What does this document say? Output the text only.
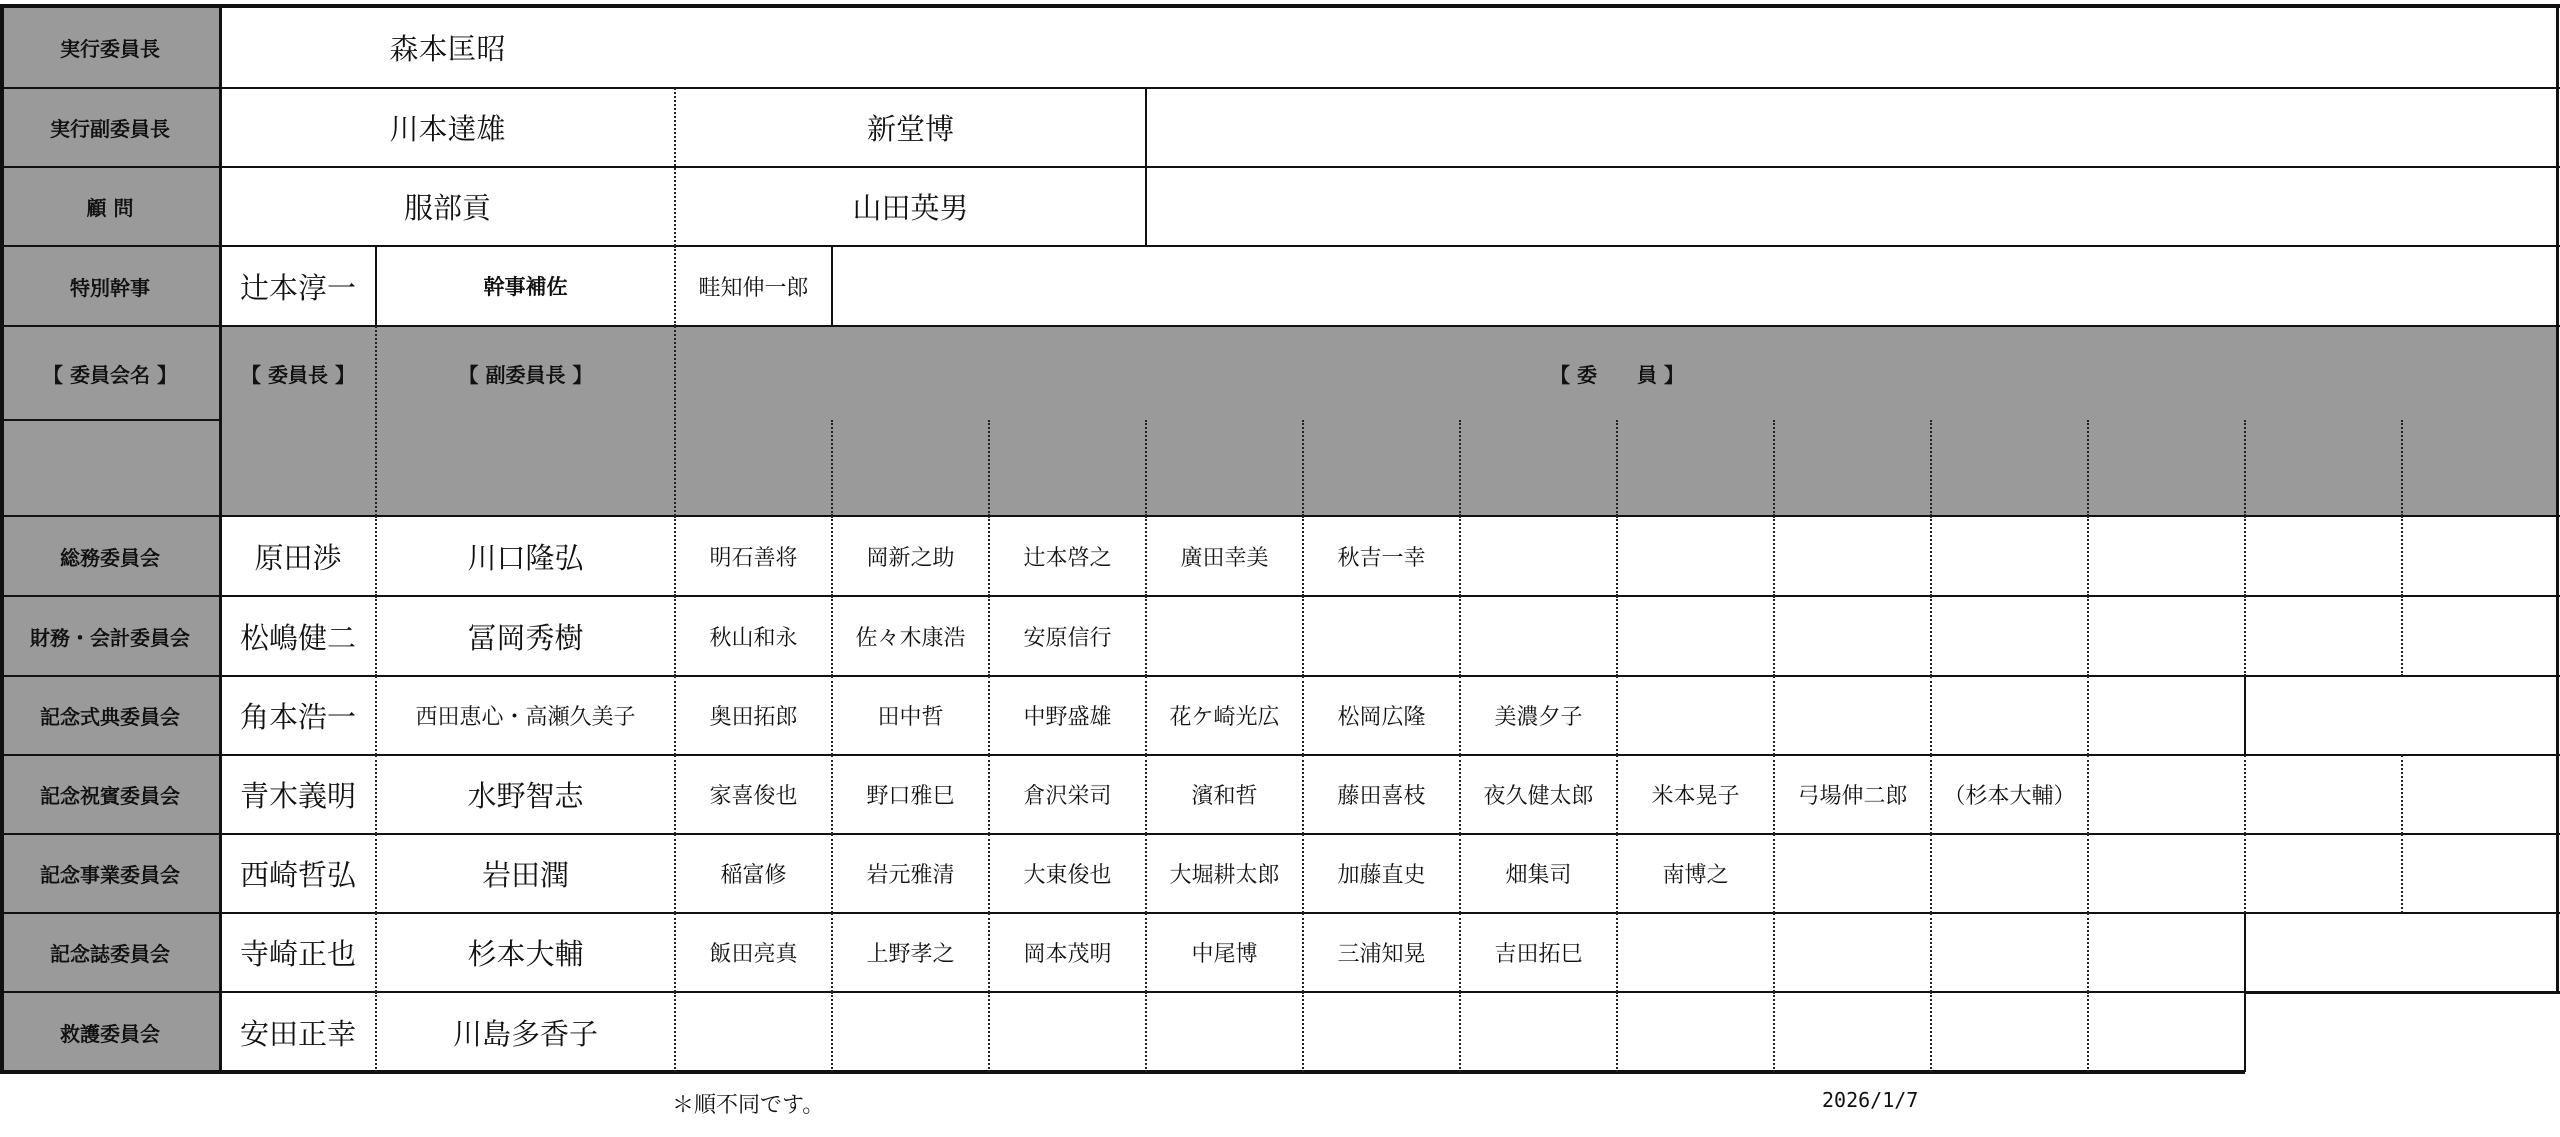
実行委員長	森本匡昭
実行副委員長	川本達雄	新堂博
顧 問	服部貢	山田英男
特別幹事	辻本淳一	幹事補佐	畦知伸一郎
【 委員会名 】	【 委員長 】	【 副委員長 】	【 委　　員 】
総務委員会	原田渉	川口隆弘	明石善将	岡新之助	辻本啓之	廣田幸美	秋吉一幸
財務・会計委員会	松嶋健二	冨岡秀樹	秋山和永	佐々木康浩	安原信行
記念式典委員会	角本浩一	西田恵心・高瀬久美子	奥田拓郎	田中哲	中野盛雄	花ケ崎光広	松岡広隆	美濃夕子
記念祝賓委員会	青木義明	水野智志	家喜俊也	野口雅巳	倉沢栄司	濱和哲	藤田喜枝	夜久健太郎	米本晃子	弓場伸二郎	（杉本大輔）
記念事業委員会	西崎哲弘	岩田潤	稲富修	岩元雅清	大東俊也	大堀耕太郎	加藤直史	畑集司	南博之
記念誌委員会	寺崎正也	杉本大輔	飯田亮真	上野孝之	岡本茂明	中尾博	三浦知晃	吉田拓巳
救護委員会	安田正幸	川島多香子
＊順不同です。	2026/1/7
